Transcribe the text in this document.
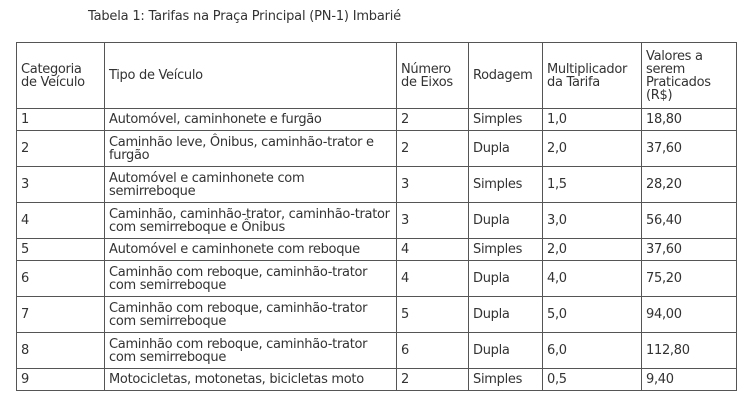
Tabela 1: Tarifas na Praça Principal (PN-1) Imbarié
Categoria de Veículo	Tipo de Veículo	Número de Eixos	Rodagem	Multiplicador da Tarifa	Valores a serem Praticados (R$)
1	Automóvel, caminhonete e furgão	2	Simples	1,0	18,80
2	Caminhão leve, Ônibus, caminhão-trator e furgão	2	Dupla	2,0	37,60
3	Automóvel e caminhonete com semirreboque	3	Simples	1,5	28,20
4	Caminhão, caminhão-trator, caminhão-trator com semirreboque e Ônibus	3	Dupla	3,0	56,40
5	Automóvel e caminhonete com reboque	4	Simples	2,0	37,60
6	Caminhão com reboque, caminhão-trator com semirreboque	4	Dupla	4,0	75,20
7	Caminhão com reboque, caminhão-trator com semirreboque	5	Dupla	5,0	94,00
8	Caminhão com reboque, caminhão-trator com semirreboque	6	Dupla	6,0	112,80
9	Motocicletas, motonetas, bicicletas moto	2	Simples	0,5	9,40
